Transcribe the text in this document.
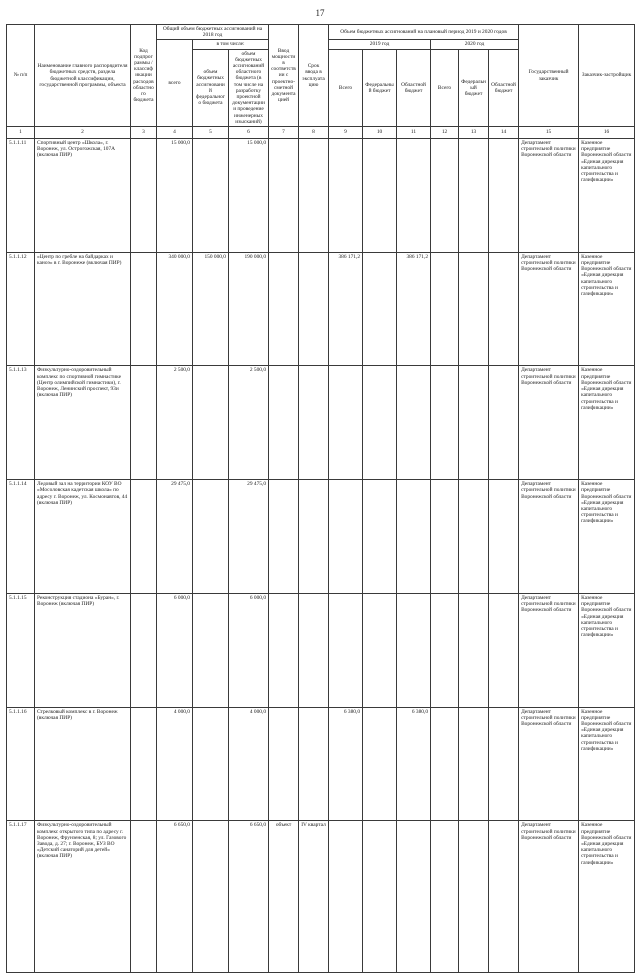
17
№ п/п	Наименование главного распорядителя бюджетных средств, раздела бюджетной классификации, государственной программы, объекта	Код подпрограммы / классификации расходов областного бюджета	Общий объем бюджетных ассигнований на 2018 год			Ввод мощности в соответствии с проектно-сметной документацией	Срок ввода в эксплуатацию	Объем бюджетных ассигнований на плановый период 2019 и 2020 годов						Государственный заказчик	Заказчик-застройщик
			всего	в том числе:				2019 год			2020 год				
				объем бюджетных ассигнований федерального бюджета	объем бюджетных ассигнований областного бюджета (в том числе на разработку проектной документации и проведение инженерных изысканий)			Всего	Федеральный бюджет	Областной бюджет	Всего	Федеральный бюджет	Областной бюджет		

1	2	3	4	5	6	7	8	9	10	11	12	13	14	15	16
5.1.1.11	Спортивный центр «Школа», г. Воронеж, ул. Острогожская, 107А (включая ПИР)		15 000,0		15 000,0									Департамент строительной политики Воронежской области	Казенное предприятие Воронежской области «Единая дирекция капитального строительства и газификации»
5.1.1.12	«Центр по гребле на байдарках и каноэ» в г. Воронеже (включая ПИР)		340 000,0	150 000,0	190 000,0			386 171,2		386 171,2				Департамент строительной политики Воронежской области	Казенное предприятие Воронежской области «Единая дирекция капитального строительства и газификации»
5.1.1.13	Физкультурно-оздоровительный комплекс по спортивной гимнастике (Центр олимпийской гимнастики), г. Воронеж, Ленинский проспект, 93и (включая ПИР)		2 500,0		2 500,0									Департамент строительной политики Воронежской области	Казенное предприятие Воронежской области «Единая дирекция капитального строительства и газификации»
5.1.1.14	Ледовый зал на территории КОУ ВО «Мосоловская кадетская школа» по адресу г. Воронеж, ул. Космонавтов, 44 (включая ПИР)		29 475,0		29 475,0									Департамент строительной политики Воронежской области	Казенное предприятие Воронежской области «Единая дирекция капитального строительства и газификации»
5.1.1.15	Реконструкция стадиона «Буран», г. Воронеж (включая ПИР)		6 000,0		6 000,0									Департамент строительной политики Воронежской области	Казенное предприятие Воронежской области «Единая дирекция капитального строительства и газификации»
5.1.1.16	Стрелковый комплекс в г. Воронеж (включая ПИР)		4 000,0		4 000,0			6 380,0		6 380,0				Департамент строительной политики Воронежской области	Казенное предприятие Воронежской области «Единая дирекция капитального строительства и газификации»
5.1.1.17	Физкультурно-оздоровительный комплекс открытого типа по адресу г. Воронеж, Фрунзенская, 8; ул. Газового Завода, д. 27; г. Воронеж, БУЗ ВО «Детский санаторий для детей» (включая ПИР)		6 650,0		6 650,0	объект	IV квартал							Департамент строительной политики Воронежской области	Казенное предприятие Воронежской области «Единая дирекция капитального строительства и газификации»
